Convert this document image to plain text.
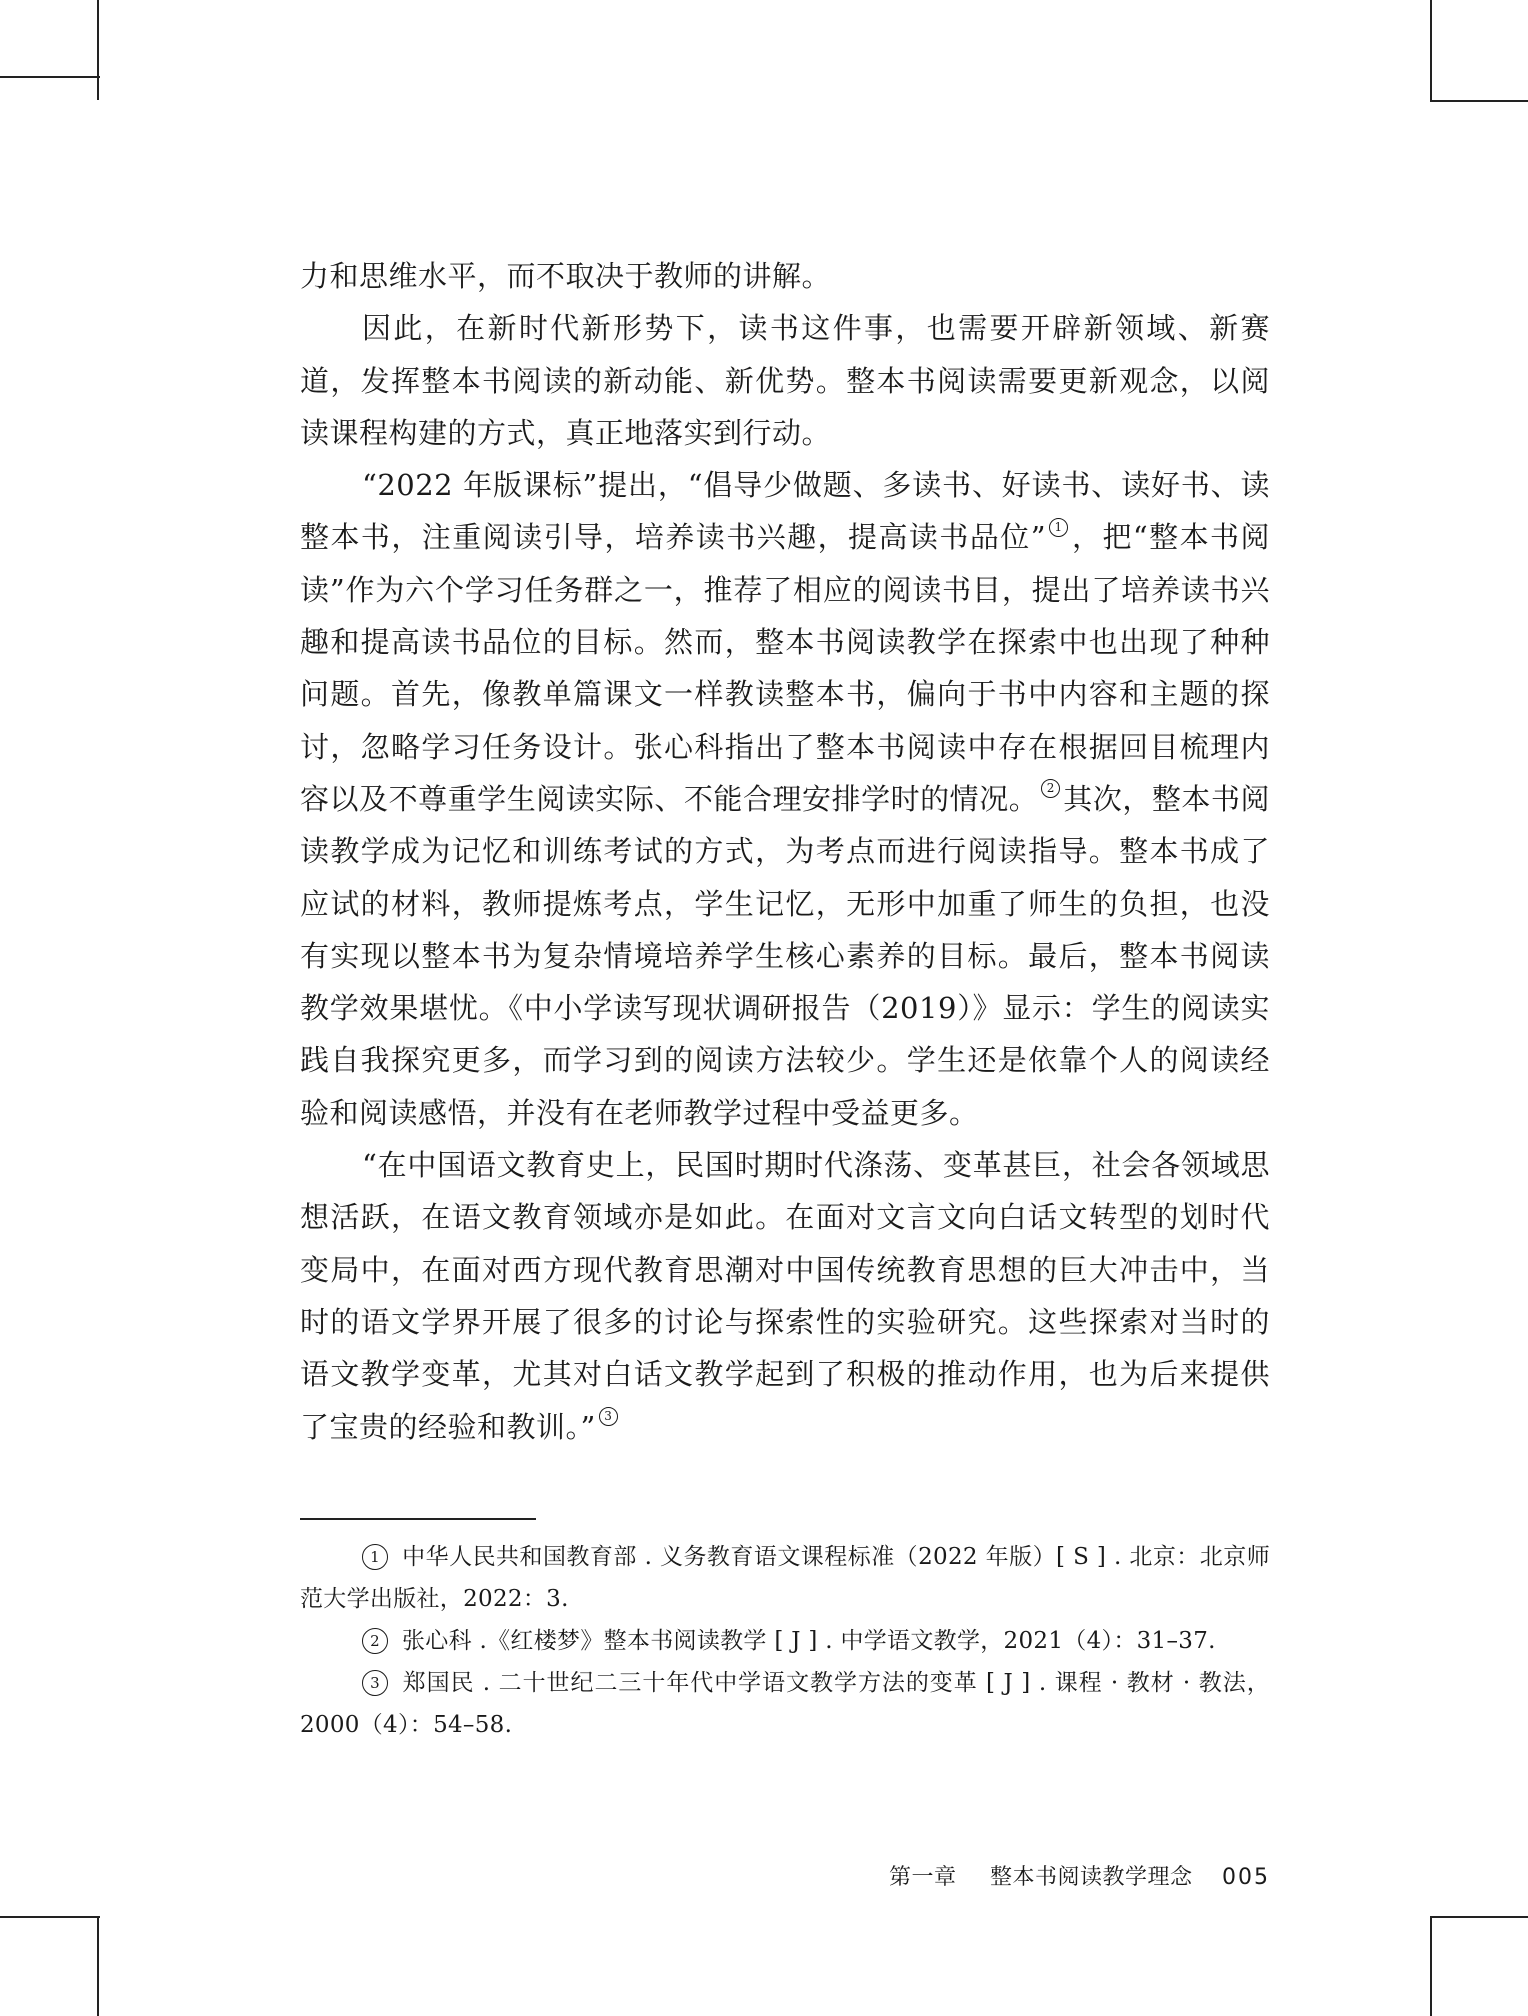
力和思维水平，而不取决于教师的讲解。

因此，在新时代新形势下，读书这件事，也需要开辟新领域、新赛道，发挥整本书阅读的新动能、新优势。整本书阅读需要更新观念，以阅读课程构建的方式，真正地落实到行动。

“2022 年版课标”提出，“倡导少做题、多读书、好读书、读好书、读整本书，注重阅读引导，培养读书兴趣，提高读书品位” $^1$ ，把“整本书阅读”作为六个学习任务群之一，推荐了相应的阅读书目，提出了培养读书兴趣和提高读书品位的目标。然而，整本书阅读教学在探索中也出现了种种问题。首先，像教单篇课文一样教读整本书，偏向于书中内容和主题的探讨，忽略学习任务设计。张心科指出了整本书阅读中存在根据回目梳理内容以及不尊重学生阅读实际、不能合理安排学时的情况。 $^2$ 其次，整本书阅读教学成为记忆和训练考试的方式，为考点而进行阅读指导。整本书成了应试的材料，教师提炼考点，学生记忆，无形中加重了师生的负担，也没有实现以整本书为复杂情境培养学生核心素养的目标。最后，整本书阅读教学效果堪忧。《中小学读写现状调研报告（2019）》显示：学生的阅读实践自我探究更多，而学习到的阅读方法较少。学生还是依靠个人的阅读经验和阅读感悟，并没有在老师教学过程中受益更多。

“在中国语文教育史上，民国时期时代涤荡、变革甚巨，社会各领域思想活跃，在语文教育领域亦是如此。在面对文言文向白话文转型的划时代变局中，在面对西方现代教育思潮对中国传统教育思想的巨大冲击中，当时的语文学界开展了很多的讨论与探索性的实验研究。这些探索对当时的语文教学变革，尤其对白话文教学起到了积极的推动作用，也为后来提供了宝贵的经验和教训。” $^3$

1 中华人民共和国教育部 . 义务教育语文课程标准（2022 年版）[ S ] . 北京：北京师范大学出版社，2022：3.

2 张心科 .《红楼梦》整本书阅读教学 [ J ] . 中学语文教学，2021（4）：31–37.

3 郑国民 . 二十世纪二三十年代中学语文教学方法的变革 [ J ] . 课程 · 教材 · 教法，2000（4）：54–58.

第一章 整本书阅读教学理念 005
